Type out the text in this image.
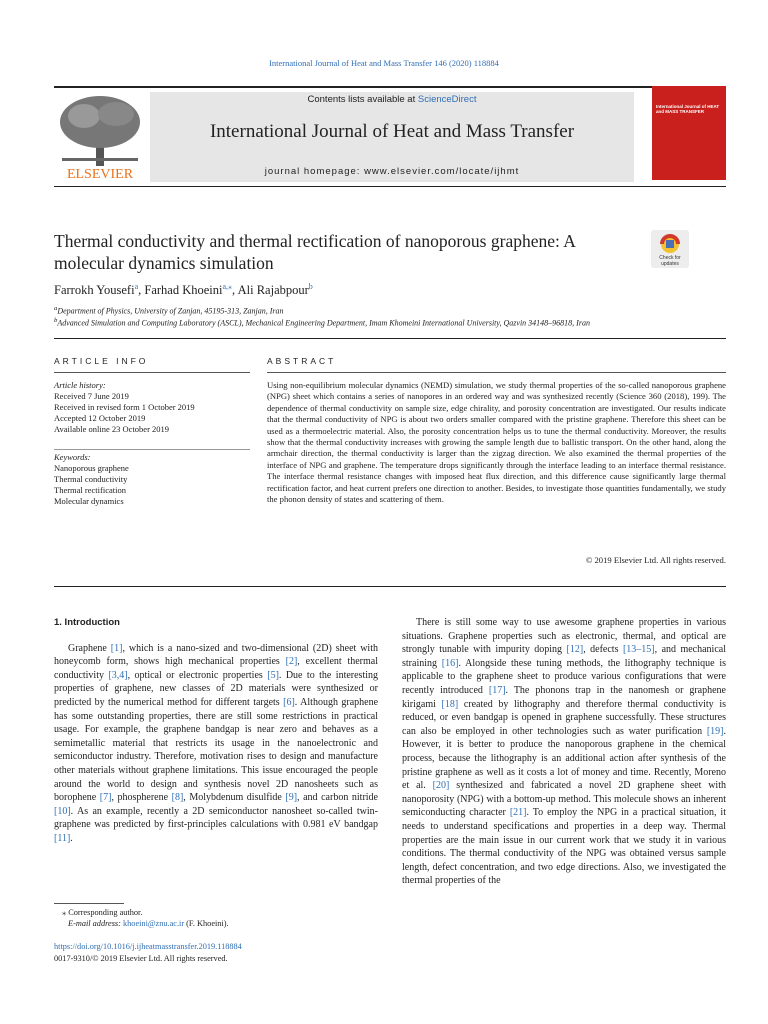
International Journal of Heat and Mass Transfer 146 (2020) 118884
ELSEVIER
Contents lists available at ScienceDirect
International Journal of Heat and Mass Transfer
journal homepage: www.elsevier.com/locate/ijhmt
International Journal of HEAT and MASS TRANSFER
Thermal conductivity and thermal rectification of nanoporous graphene: A molecular dynamics simulation	Check for
updates
Farrokh Yousefi$^a$, Farhad Khoeini$^{a,⁎}$, Ali Rajabpour$^b$
$^a$Department of Physics, University of Zanjan, 45195-313, Zanjan, Iran
$^b$Advanced Simulation and Computing Laboratory (ASCL), Mechanical Engineering Department, Imam Khomeini International University, Qazvin 34148–96818, Iran
ARTICLE INFO	ABSTRACT
Article history:
Received 7 June 2019
Received in revised form 1 October 2019
Accepted 12 October 2019
Available online 23 October 2019
Keywords:
Nanoporous graphene
Thermal conductivity
Thermal rectification
Molecular dynamics
Using non-equilibrium molecular dynamics (NEMD) simulation, we study thermal properties of the so-called nanoporous graphene (NPG) sheet which contains a series of nanopores in an ordered way and was synthesized recently (Science 360 (2018), 199). The dependence of thermal conductivity on sample size, edge chirality, and porosity concentration are investigated. Our results indicate that the thermal conductivity of NPG is about two orders smaller compared with the pristine graphene. Therefore this sheet can be used as a thermoelectric material. Also, the porosity concentration helps us to tune the thermal conductivity. Moreover, the results show that the thermal conductivity increases with growing the sample length due to ballistic transport. On the other hand, along the armchair direction, the thermal conductivity is larger than the zigzag direction. We also examined the thermal properties of the interface of NPG and graphene. The temperature drops significantly through the interface leading to an interface thermal resistance. The interface thermal resistance changes with imposed heat flux direction, and this difference cause significantly large thermal rectification factor, and heat current prefers one direction to another. Besides, to investigate those quantities fundamentally, we study the phonon density of states and scattering of them.
© 2019 Elsevier Ltd. All rights reserved.
1. Introduction
Graphene [1], which is a nano-sized and two-dimensional (2D) sheet with honeycomb form, shows high mechanical properties [2], excellent thermal conductivity [3,4], optical or electronic properties [5]. Due to the interesting properties of graphene, new classes of 2D materials were synthesized or predicted by the numerical method for different targets [6]. Although graphene has some outstanding properties, there are still some restrictions in practical usage. For example, the graphene bandgap is near zero and behaves as a semimetallic material that restricts its usage in the nanoelectronic and semiconductor industry. Therefore, motivation rises to design and manufacture other materials without graphene limitations. This issue encouraged the people around the world to design and synthesis novel 2D nanosheets such as borophene [7], phospherene [8], Molybdenum disulfide [9], and carbon nitride [10]. As an example, recently a 2D semiconductor nanosheet so-called twin-graphene was predicted by first-principles calculations with 0.981 eV bandgap [11].
There is still some way to use awesome graphene properties in various situations. Graphene properties such as electronic, thermal, and optical are strongly tunable with impurity doping [12], defects [13–15], and mechanical straining [16]. Alongside these tuning methods, the lithography technique is applicable to the graphene sheet to produce various configurations that were recently introduced [17]. The phonons trap in the nanomesh or graphene kirigami [18] created by lithography and therefore thermal conductivity is reduced, or even bandgap is opened in graphene successfully. These structures can also be employed in other technologies such as water purification [19]. However, it is better to produce the nanoporous graphene in the chemical process, because the lithography is an additional action after synthesis of the pristine graphene as well as it costs a lot of money and time. Recently, Moreno et al. [20] synthesized and fabricated a novel 2D graphene sheet with nanoporosity (NPG) with a bottom-up method. This molecule shows an inherent semiconducting character [21]. To employ the NPG in a practical situation, it needs to understand specifications and properties in a deep way. Thermal properties are the main issue in our current work that we study it in various conditions. The thermal conductivity of the NPG was obtained versus sample length, defect concentration, and two edge directions. Also, we investigated the thermal properties of the
⁎ Corresponding author.
E-mail address: khoeini@znu.ac.ir (F. Khoeini).
https://doi.org/10.1016/j.ijheatmasstransfer.2019.118884
0017-9310/© 2019 Elsevier Ltd. All rights reserved.
